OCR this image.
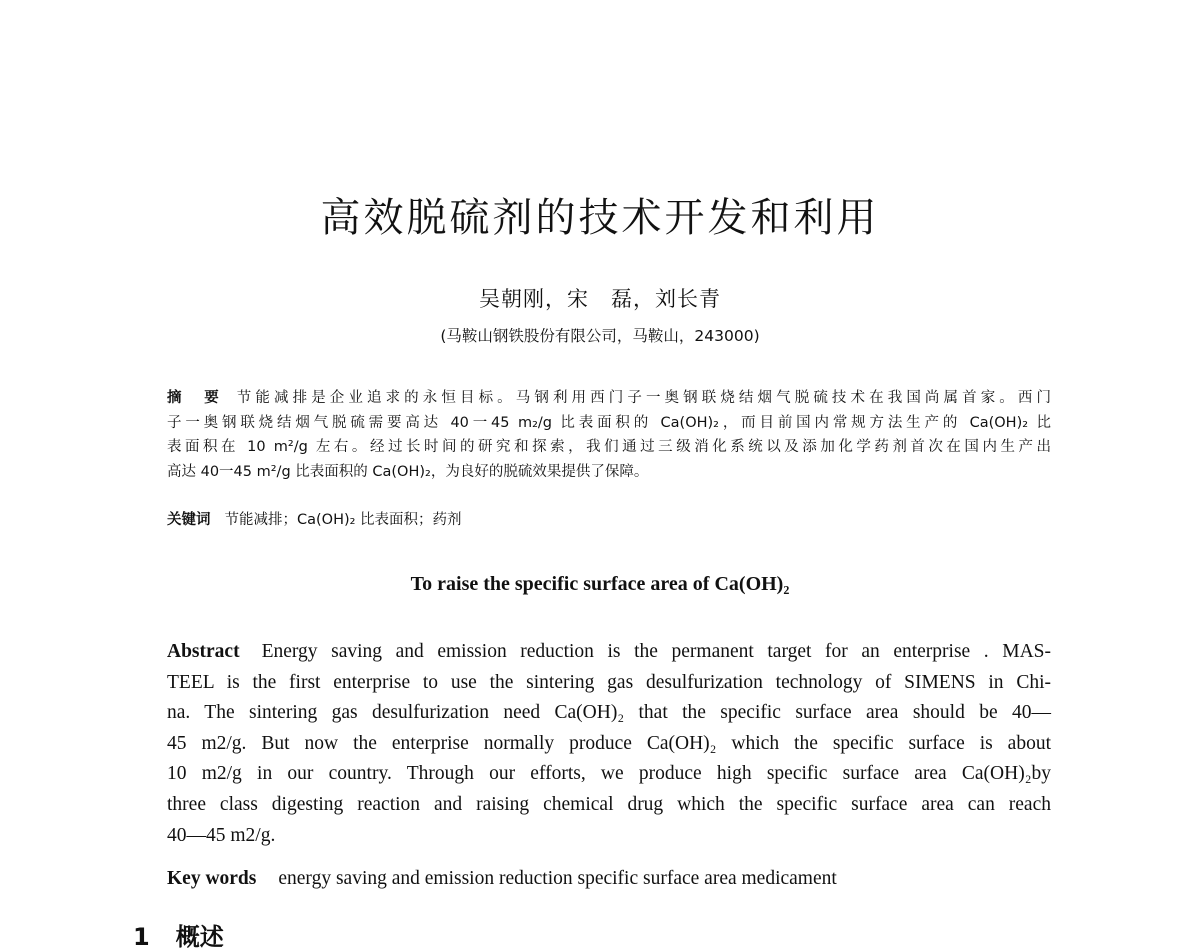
高效脱硫剂的技术开发和利用
吴朝刚，宋　磊，刘长青
(马鞍山钢铁股份有限公司，马鞍山，243000)
摘　要 节能减排是企业追求的永恒目标。马钢利用西门子一奥钢联烧结烟气脱硫技术在我国尚属首家。西门
子一奥钢联烧结烟气脱硫需要高达 40一45 m₂/g 比表面积的 Ca(OH)₂，而目前国内常规方法生产的 Ca(OH)₂ 比
表面积在 10 m²/g 左右。经过长时间的研究和探索，我们通过三级消化系统以及添加化学药剂首次在国内生产出
高达 40一45 m²/g 比表面积的 Ca(OH)₂，为良好的脱硫效果提供了保障。
关键词 节能减排；Ca(OH)₂ 比表面积；药剂
To raise the specific surface area of Ca(OH)₂
Abstract Energy saving and emission reduction is the permanent target for an enterprise . MAS-
TEEL is the first enterprise to use the sintering gas desulfurization technology of SIMENS in Chi-
na. The sintering gas desulfurization need Ca(OH)₂ that the specific surface area should be 40—
45 m2/g. But now the enterprise normally produce Ca(OH)₂ which the specific surface is about
10 m2/g in our country. Through our efforts, we produce high specific surface area Ca(OH)₂by
three class digesting reaction and raising chemical drug which the specific surface area can reach
40—45 m2/g.
Key words energy saving and emission reduction specific surface area medicament
1 概述
